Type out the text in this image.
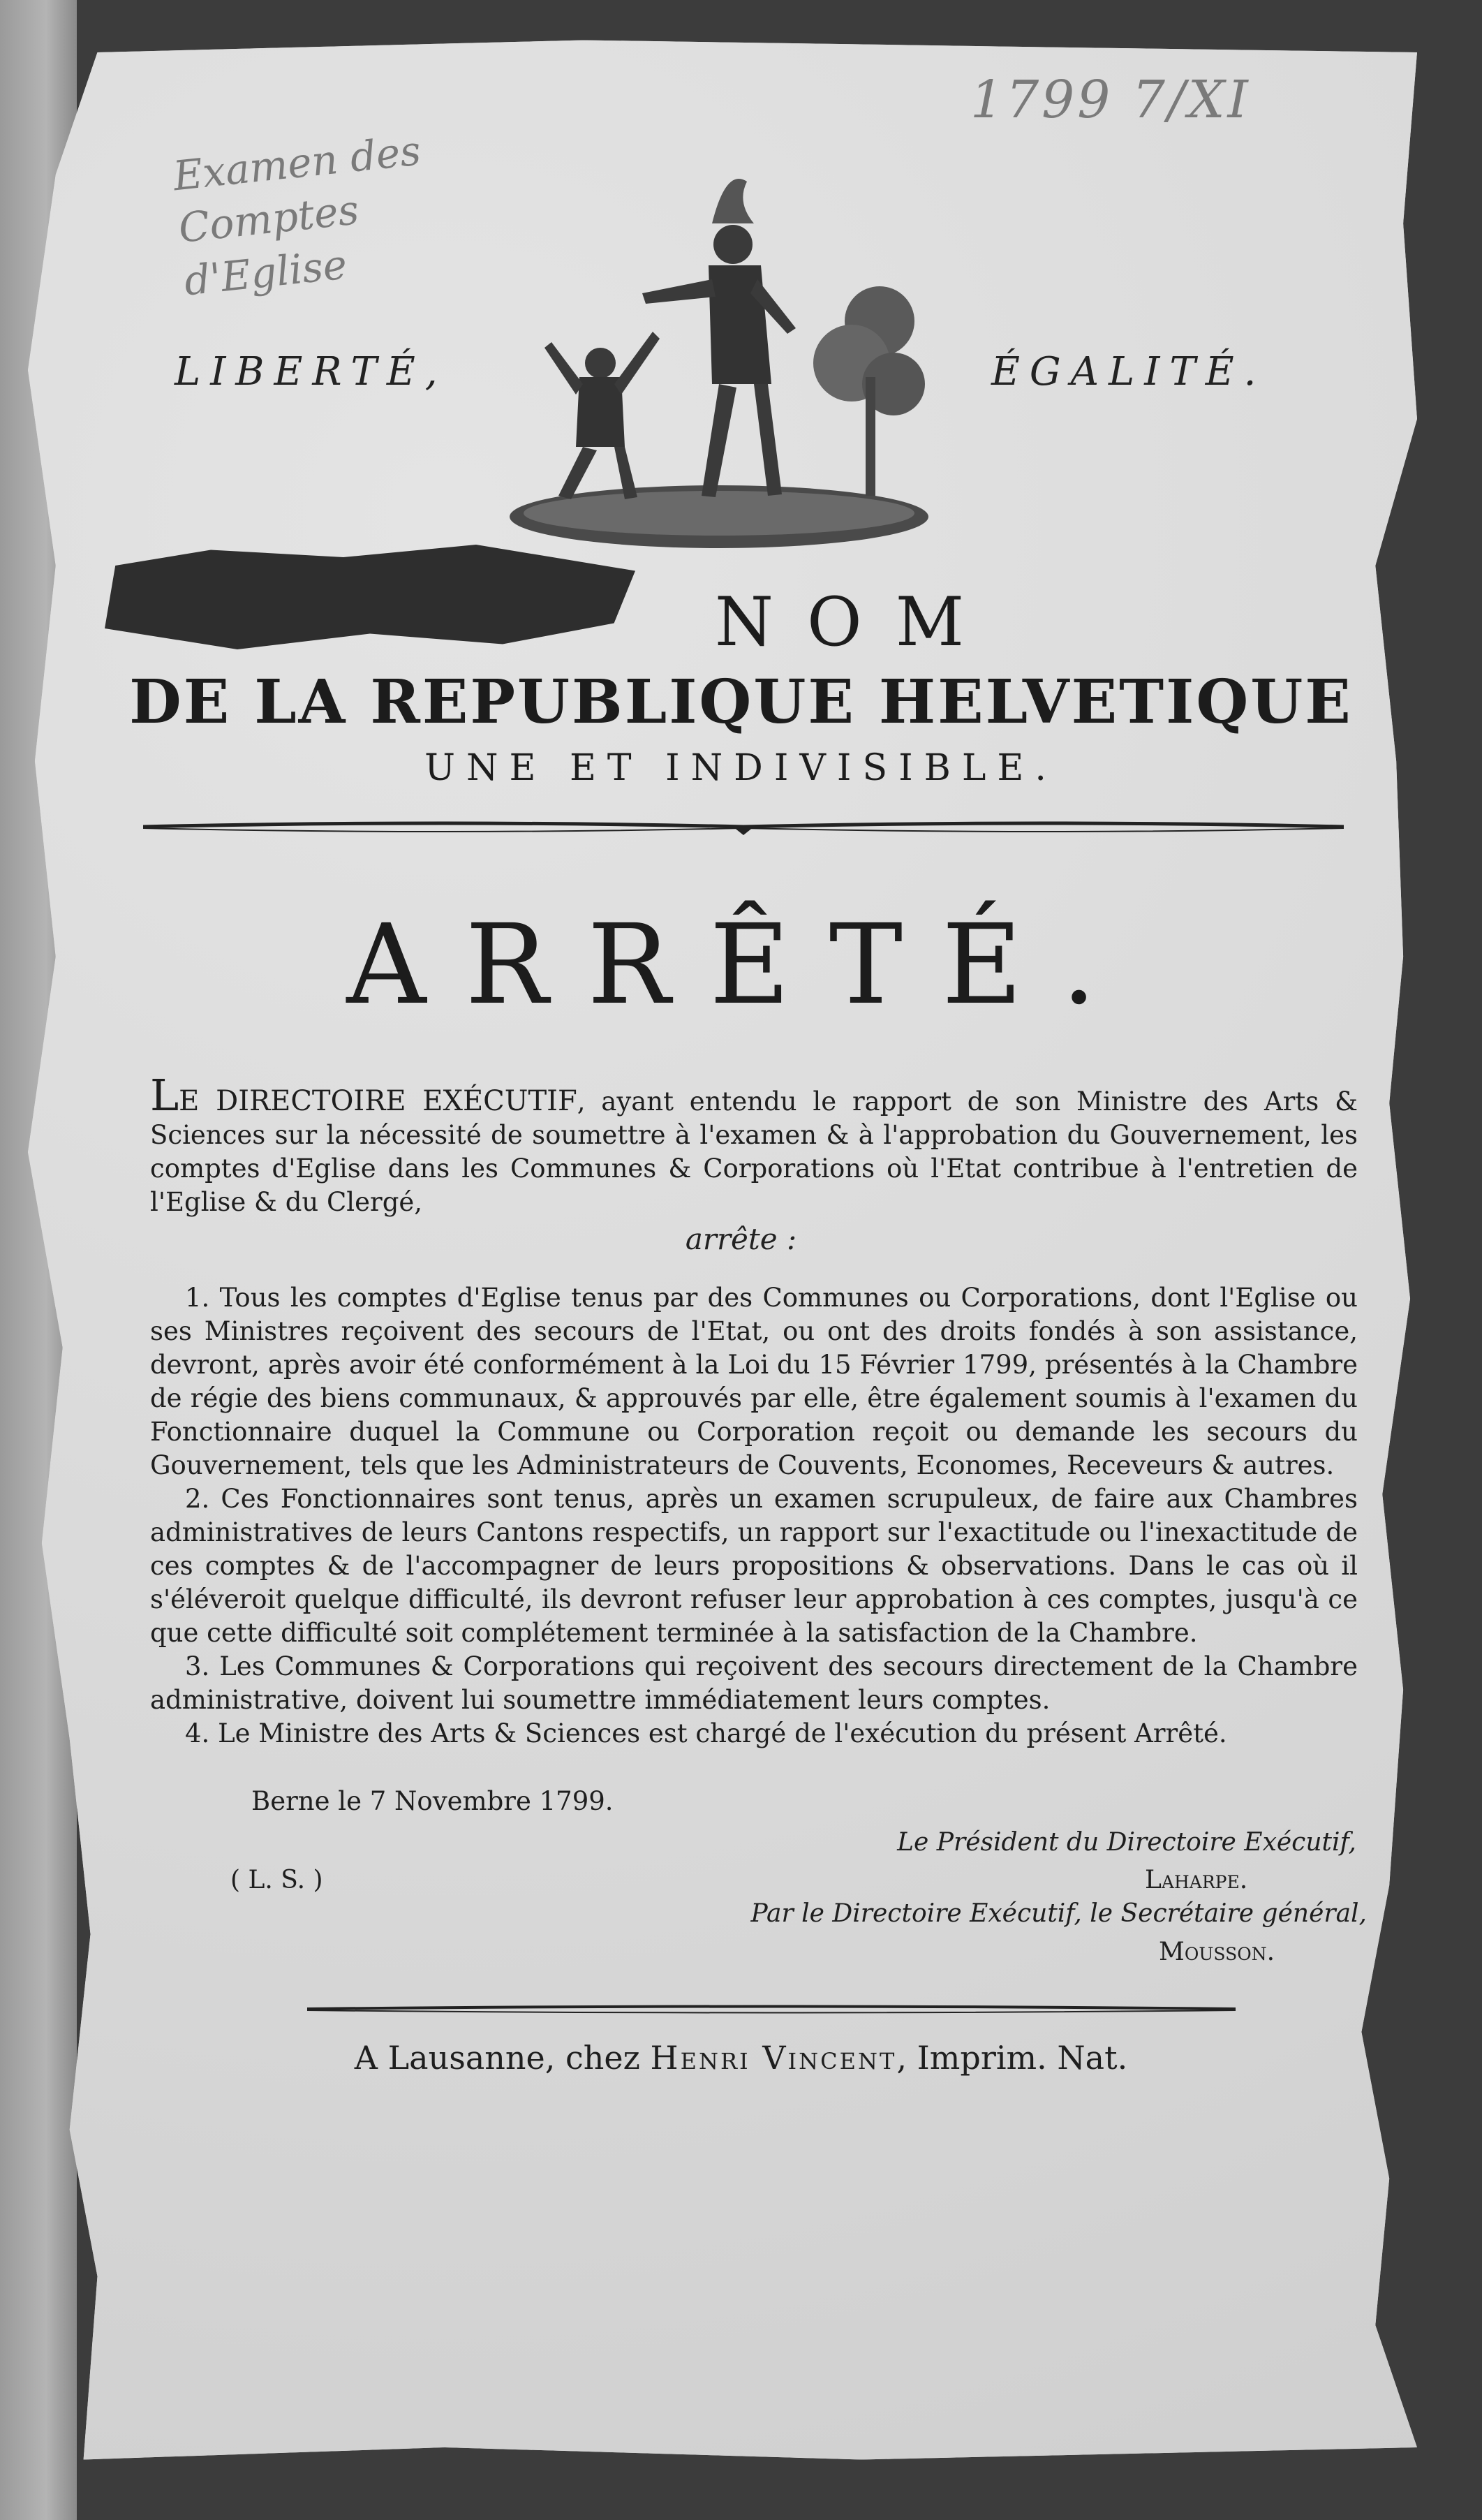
Examen des Comptes d'Eglise
1799 7/XI
LIBERTÉ,	ÉGALITÉ.
NOM
DE LA REPUBLIQUE HELVETIQUE
UNE ET INDIVISIBLE.
ARRÊTÉ.
LE DIRECTOIRE EXÉCUTIF, ayant entendu le rapport de son Ministre des Arts & Sciences sur la nécessité de soumettre à l'examen & à l'approbation du Gouvernement, les comptes d'Eglise dans les Communes & Corporations où l'Etat contribue à l'entretien de l'Eglise & du Clergé,
arrête :

1. Tous les comptes d'Eglise tenus par des Communes ou Corporations, dont l'Eglise ou ses Ministres reçoivent des secours de l'Etat, ou ont des droits fondés à son assistance, devront, après avoir été conformément à la Loi du 15 Février 1799, présentés à la Chambre de régie des biens communaux, & approuvés par elle, être également soumis à l'examen du Fonctionnaire duquel la Commune ou Corporation reçoit ou demande les secours du Gouvernement, tels que les Administrateurs de Couvents, Economes, Receveurs & autres.

2. Ces Fonctionnaires sont tenus, après un examen scrupuleux, de faire aux Chambres administratives de leurs Cantons respectifs, un rapport sur l'exactitude ou l'inexactitude de ces comptes & de l'accompagner de leurs propositions & observations. Dans le cas où il s'éléveroit quelque difficulté, ils devront refuser leur approbation à ces comptes, jusqu'à ce que cette difficulté soit complétement terminée à la satisfaction de la Chambre.

3. Les Communes & Corporations qui reçoivent des secours directement de la Chambre administrative, doivent lui soumettre immédiatement leurs comptes.

4. Le Ministre des Arts & Sciences est chargé de l'exécution du présent Arrêté.

Berne le 7 Novembre 1799.
Le Président du Directoire Exécutif,
Laharpe.
( L. S. )
Par le Directoire Exécutif, le Secrétaire général,
Mousson.
A Lausanne, chez Henri Vincent, Imprim. Nat.
